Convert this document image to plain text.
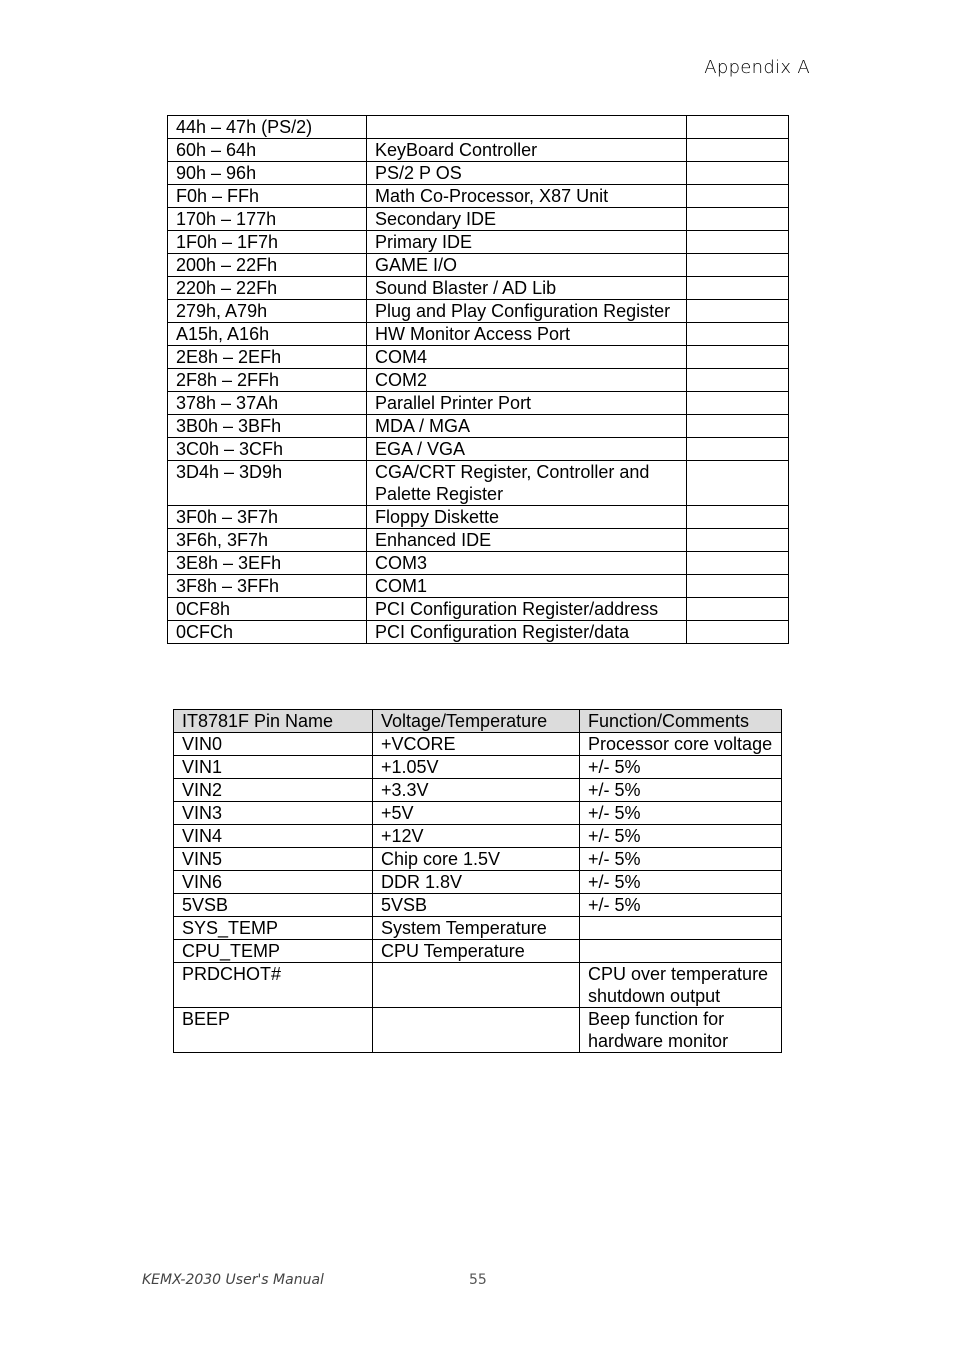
Appendix A
44h – 47h (PS/2)		
60h – 64h	KeyBoard Controller	
90h – 96h	PS/2 P OS	
F0h – FFh	Math Co-Processor, X87 Unit	
170h – 177h	Secondary IDE	
1F0h – 1F7h	Primary IDE	
200h – 22Fh	GAME I/O	
220h – 22Fh	Sound Blaster / AD Lib	
279h, A79h	Plug and Play Configuration Register	
A15h, A16h	HW Monitor Access Port	
2E8h – 2EFh	COM4	
2F8h – 2FFh	COM2	
378h – 37Ah	Parallel Printer Port	
3B0h – 3BFh	MDA / MGA	
3C0h – 3CFh	EGA / VGA	
3D4h – 3D9h	CGA/CRT Register, Controller and Palette Register	
3F0h – 3F7h	Floppy Diskette	
3F6h, 3F7h	Enhanced IDE	
3E8h – 3EFh	COM3	
3F8h – 3FFh	COM1	
0CF8h	PCI Configuration Register/address	
0CFCh	PCI Configuration Register/data	
IT8781F Pin Name	Voltage/Temperature	Function/Comments
VIN0	+VCORE	Processor core voltage
VIN1	+1.05V	+/- 5%
VIN2	+3.3V	+/- 5%
VIN3	+5V	+/- 5%
VIN4	+12V	+/- 5%
VIN5	Chip core 1.5V	+/- 5%
VIN6	DDR 1.8V	+/- 5%
5VSB	5VSB	+/- 5%
SYS_TEMP	System Temperature	
CPU_TEMP	CPU Temperature	
PRDCHOT#		CPU over temperature shutdown output
BEEP		Beep function for hardware monitor
KEMX-2030 User's Manual	55
